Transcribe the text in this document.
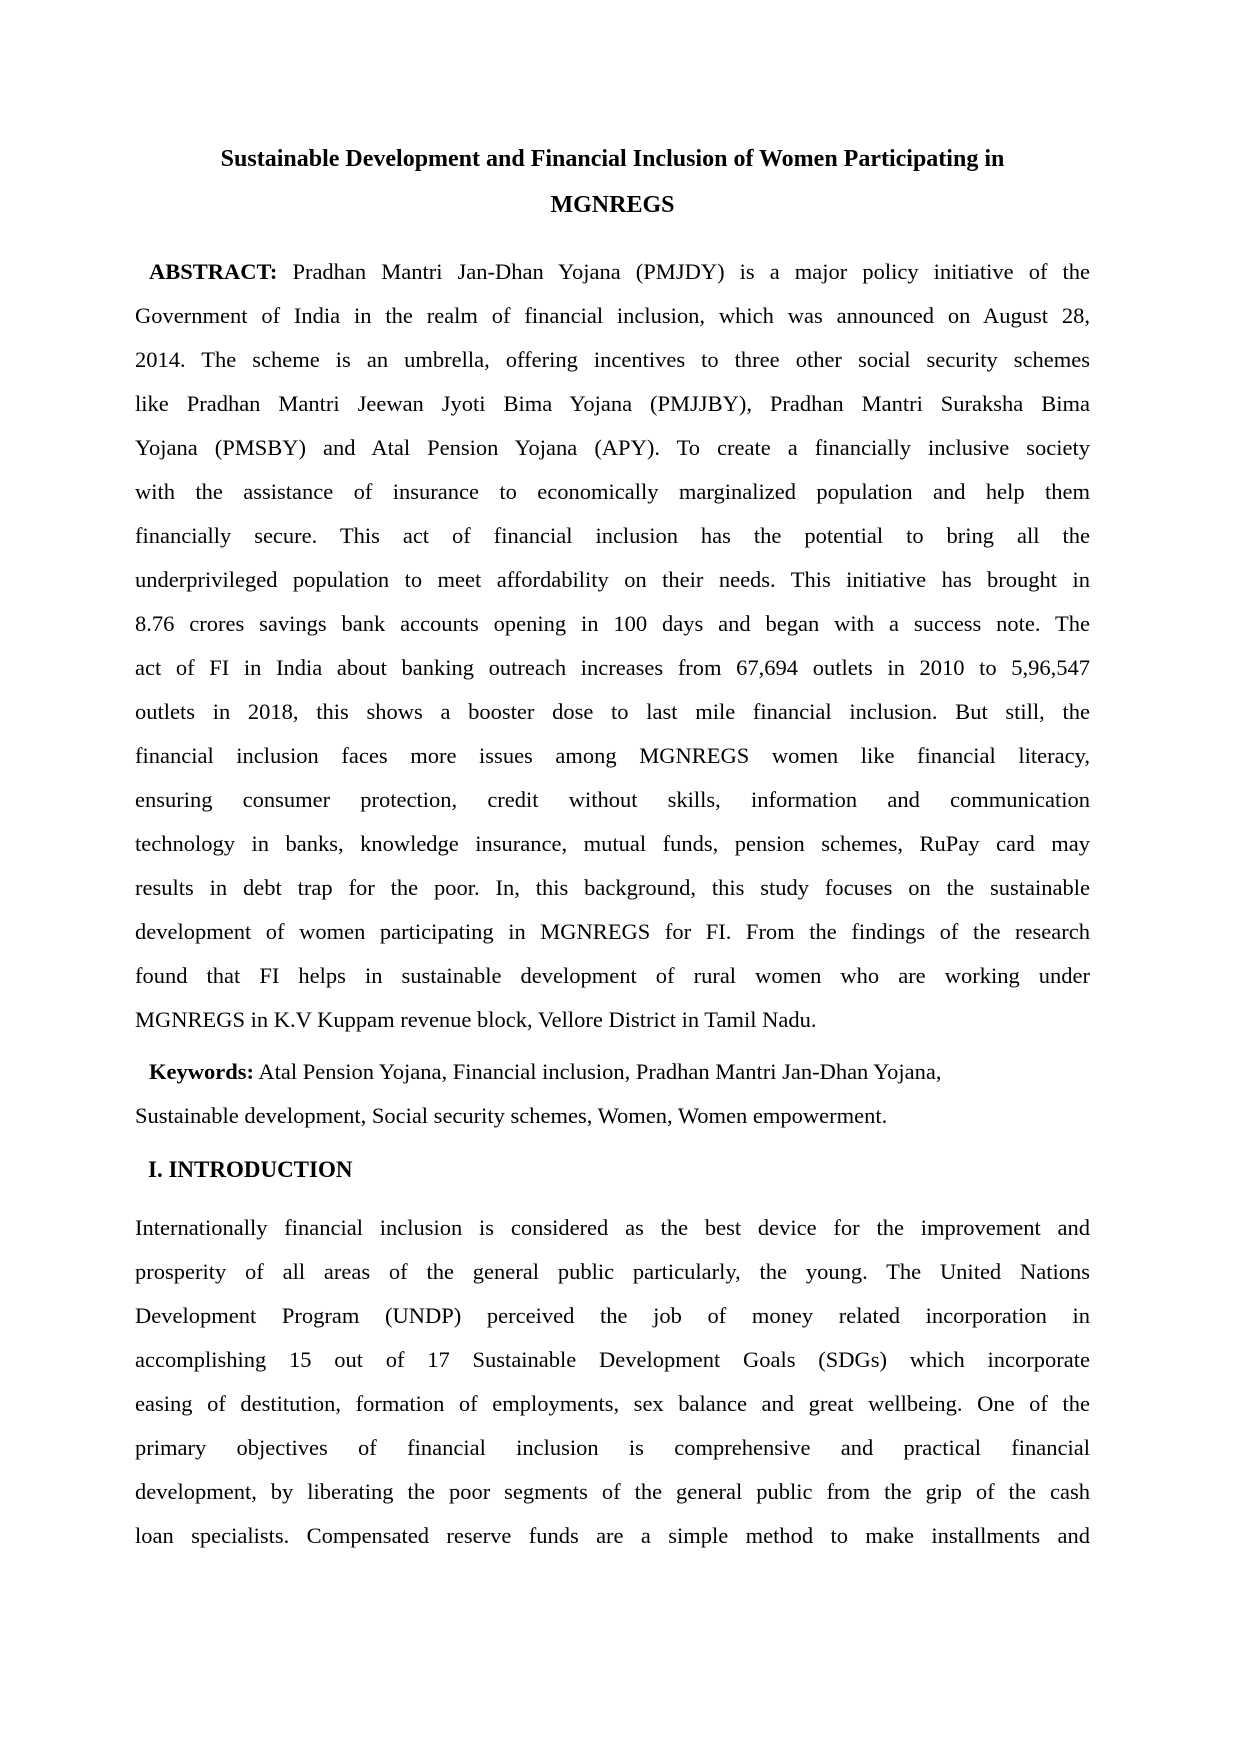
Sustainable Development and Financial Inclusion of Women Participating in
MGNREGS
ABSTRACT: Pradhan Mantri Jan-Dhan Yojana (PMJDY) is a major policy initiative of the
Government of India in the realm of financial inclusion, which was announced on August 28,
2014. The scheme is an umbrella, offering incentives to three other social security schemes
like Pradhan Mantri Jeewan Jyoti Bima Yojana (PMJJBY), Pradhan Mantri Suraksha Bima
Yojana (PMSBY) and Atal Pension Yojana (APY). To create a financially inclusive society
with the assistance of insurance to economically marginalized population and help them
financially secure. This act of financial inclusion has the potential to bring all the
underprivileged population to meet affordability on their needs. This initiative has brought in
8.76 crores savings bank accounts opening in 100 days and began with a success note. The
act of FI in India about banking outreach increases from 67,694 outlets in 2010 to 5,96,547
outlets in 2018, this shows a booster dose to last mile financial inclusion. But still, the
financial inclusion faces more issues among MGNREGS women like financial literacy,
ensuring consumer protection, credit without skills, information and communication
technology in banks, knowledge insurance, mutual funds, pension schemes, RuPay card may
results in debt trap for the poor. In, this background, this study focuses on the sustainable
development of women participating in MGNREGS for FI. From the findings of the research
found that FI helps in sustainable development of rural women who are working under
MGNREGS in K.V Kuppam revenue block, Vellore District in Tamil Nadu.
Keywords: Atal Pension Yojana, Financial inclusion, Pradhan Mantri Jan-Dhan Yojana,
Sustainable development, Social security schemes, Women, Women empowerment.
I. INTRODUCTION
Internationally financial inclusion is considered as the best device for the improvement and
prosperity of all areas of the general public particularly, the young. The United Nations
Development Program (UNDP) perceived the job of money related incorporation in
accomplishing 15 out of 17 Sustainable Development Goals (SDGs) which incorporate
easing of destitution, formation of employments, sex balance and great wellbeing. One of the
primary objectives of financial inclusion is comprehensive and practical financial
development, by liberating the poor segments of the general public from the grip of the cash
loan specialists. Compensated reserve funds are a simple method to make installments and
